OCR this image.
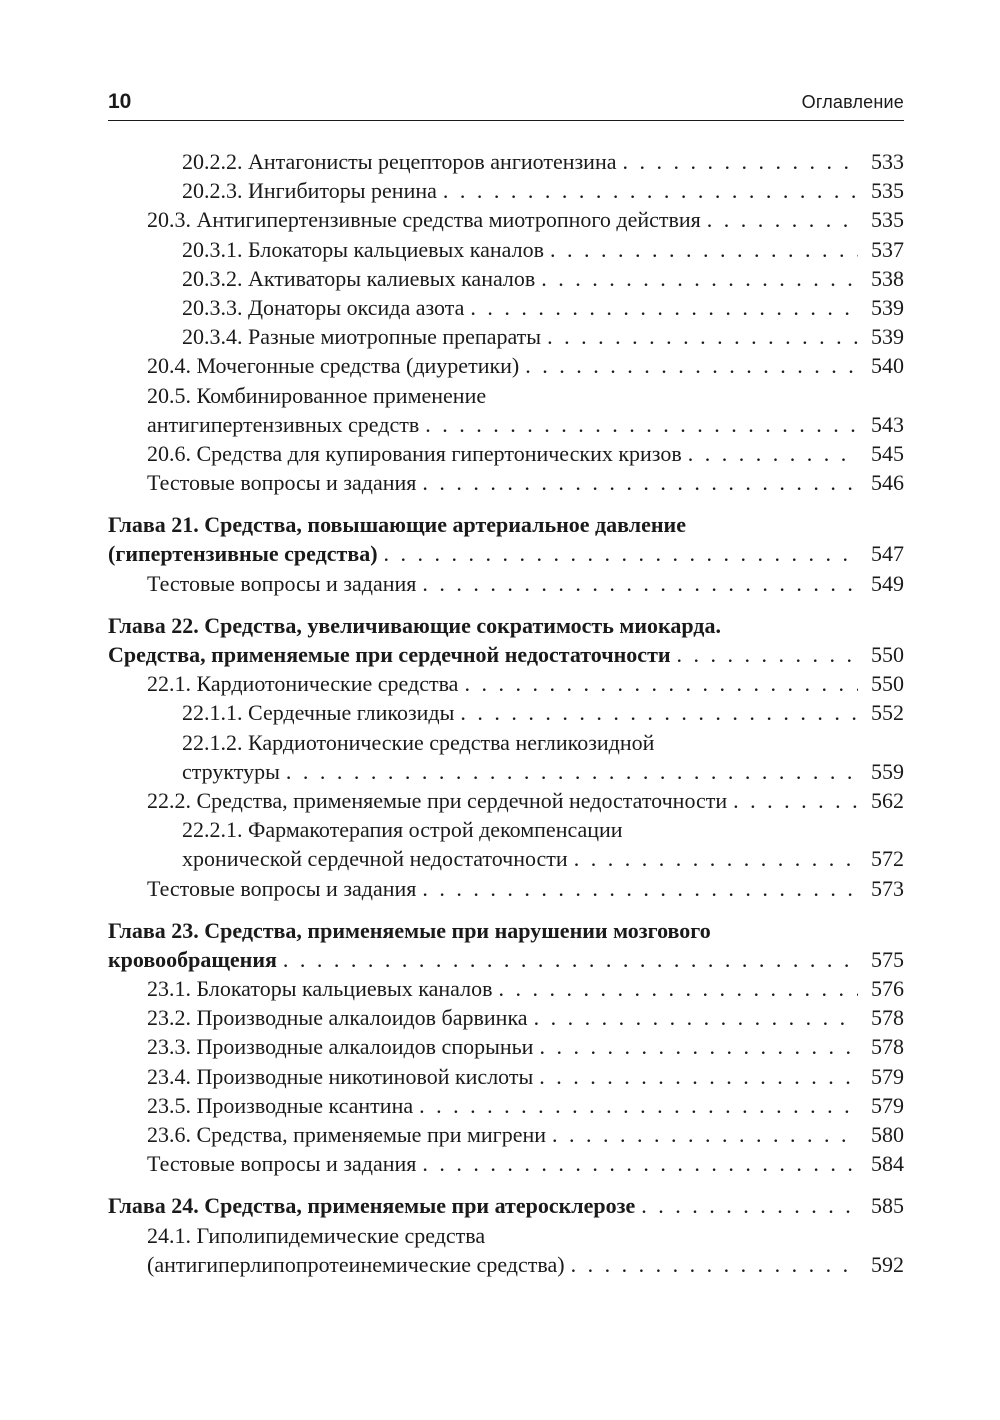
10	Оглавление
20.2.2. Антагонисты рецепторов ангиотензина . . .	533
20.2.3. Ингибиторы ренина . . .	535
20.3. Антигипертензивные средства миотропного действия . . .	535
20.3.1. Блокаторы кальциевых каналов . . .	537
20.3.2. Активаторы калиевых каналов . . .	538
20.3.3. Донаторы оксида азота . . .	539
20.3.4. Разные миотропные препараты . . .	539
20.4. Мочегонные средства (диуретики) . . .	540
20.5. Комбинированное применение
антигипертензивных средств . . .	543
20.6. Средства для купирования гипертонических кризов . . .	545
Тестовые вопросы и задания . . .	546
Глава 21. Средства, повышающие артериальное давление
(гипертензивные средства) . . .	547
Тестовые вопросы и задания . . .	549
Глава 22. Средства, увеличивающие сократимость миокарда.
Средства, применяемые при сердечной недостаточности . . .	550
22.1. Кардиотонические средства . . .	550
22.1.1. Сердечные гликозиды . . .	552
22.1.2. Кардиотонические средства негликозидной
структуры . . .	559
22.2. Средства, применяемые при сердечной недостаточности . . .	562
22.2.1. Фармакотерапия острой декомпенсации
хронической сердечной недостаточности . . .	572
Тестовые вопросы и задания . . .	573
Глава 23. Средства, применяемые при нарушении мозгового
кровообращения . . .	575
23.1. Блокаторы кальциевых каналов . . .	576
23.2. Производные алкалоидов барвинка . . .	578
23.3. Производные алкалоидов спорыньи . . .	578
23.4. Производные никотиновой кислоты . . .	579
23.5. Производные ксантина . . .	579
23.6. Средства, применяемые при мигрени . . .	580
Тестовые вопросы и задания . . .	584
Глава 24. Средства, применяемые при атеросклерозе . . .	585
24.1. Гиполипидемические средства
(антигиперлипопротеинемические средства) . . .	592
